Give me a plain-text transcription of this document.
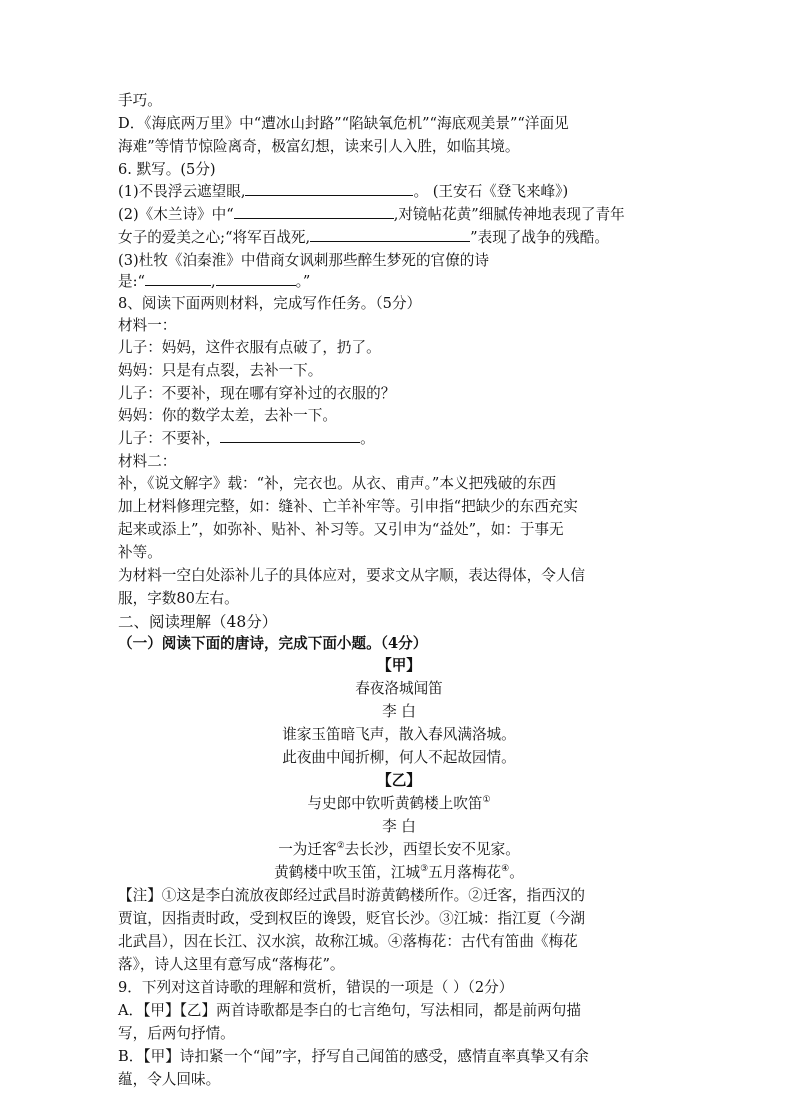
手巧。
D．《海底两万里》中“遭冰山封路”“陷缺氧危机”“海底观美景”“洋面见
海难”等情节惊险离奇，极富幻想，读来引人入胜，如临其境。
6. 默写。(5分)
(1)不畏浮云遮望眼,	。 (王安石《登飞来峰》)
(2)《木兰诗》中“	,对镜帖花黄”细腻传神地表现了青年
女子的爱美之心;“将军百战死,	”表现了战争的残酷。
(3)杜牧《泊秦淮》中借商女讽刺那些醉生梦死的官僚的诗
是:“	,	。”
8、阅读下面两则材料，完成写作任务。（5分）
材料一：
儿子：妈妈，这件衣服有点破了，扔了。
妈妈：只是有点裂，去补一下。
儿子：不要补，现在哪有穿补过的衣服的？
妈妈：你的数学太差，去补一下。
儿子：不要补，	。
材料二：
补，《说文解字》载：“补，完衣也。从衣、甫声。”本义把残破的东西
加上材料修理完整，如：缝补、亡羊补牢等。引申指“把缺少的东西充实
起来或添上”，如弥补、贴补、补习等。又引申为“益处”，如：于事无
补等。
为材料一空白处添补儿子的具体应对，要求文从字顺，表达得体，令人信
服，字数80左右。
二、阅读理解（48分）
（一）阅读下面的唐诗，完成下面小题。（4分）
【甲】
春夜洛城闻笛
李 白
谁家玉笛暗飞声，散入春风满洛城。
此夜曲中闻折柳，何人不起故园情。
【乙】
与史郎中钦听黄鹤楼上吹笛①
李 白
一为迁客②去长沙，西望长安不见家。
黄鹤楼中吹玉笛，江城③五月落梅花④。
【注】①这是李白流放夜郎经过武昌时游黄鹤楼所作。②迁客，指西汉的
贾谊，因指责时政，受到权臣的谗毁，贬官长沙。③江城：指江夏（今湖
北武昌），因在长江、汉水滨，故称江城。④落梅花：古代有笛曲《梅花
落》，诗人这里有意写成“落梅花”。
9．下列对这首诗歌的理解和赏析，错误的一项是（ ）（2分）
A．【甲】【乙】两首诗歌都是李白的七言绝句，写法相同，都是前两句描
写，后两句抒情。
B．【甲】诗扣紧一个“闻”字，抒写自己闻笛的感受，感情直率真挚又有余
蕴，令人回味。
